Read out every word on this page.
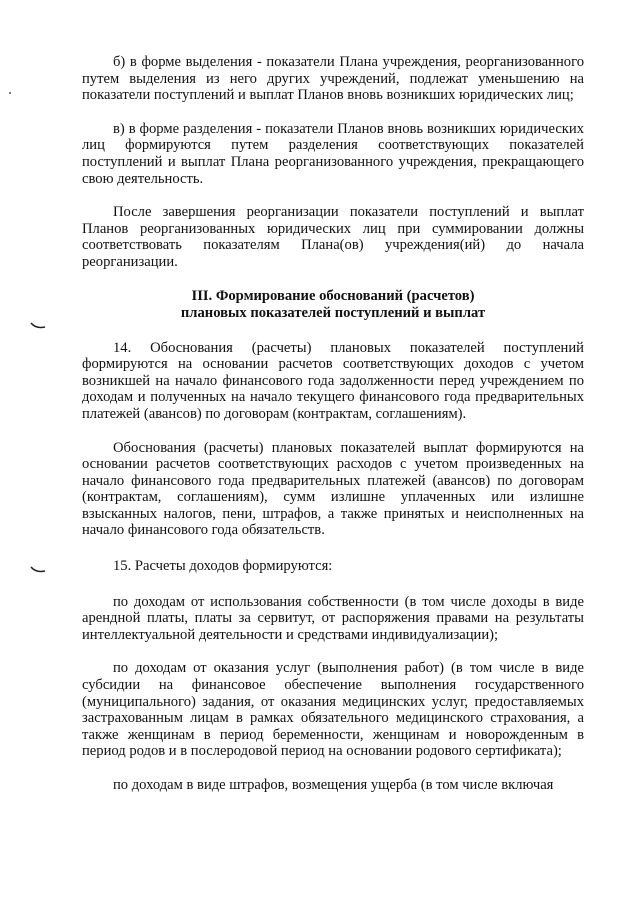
б) в форме выделения - показатели Плана учреждения, реорганизованного путем выделения из него других учреждений, подлежат уменьшению на показатели поступлений и выплат Планов вновь возникших юридических лиц;

в) в форме разделения - показатели Планов вновь возникших юридических лиц формируются путем разделения соответствующих показателей поступлений и выплат Плана реорганизованного учреждения, прекращающего свою деятельность.

После завершения реорганизации показатели поступлений и выплат Планов реорганизованных юридических лиц при суммировании должны соответствовать показателям Плана(ов) учреждения(ий) до начала реорганизации.

III. Формирование обоснований (расчетов)
плановых показателей поступлений и выплат

14. Обоснования (расчеты) плановых показателей поступлений формируются на основании расчетов соответствующих доходов с учетом возникшей на начало финансового года задолженности перед учреждением по доходам и полученных на начало текущего финансового года предварительных платежей (авансов) по договорам (контрактам, соглашениям).

Обоснования (расчеты) плановых показателей выплат формируются на основании расчетов соответствующих расходов с учетом произведенных на начало финансового года предварительных платежей (авансов) по договорам (контрактам, соглашениям), сумм излишне уплаченных или излишне взысканных налогов, пени, штрафов, а также принятых и неисполненных на начало финансового года обязательств.

15. Расчеты доходов формируются:

по доходам от использования собственности (в том числе доходы в виде арендной платы, платы за сервитут, от распоряжения правами на результаты интеллектуальной деятельности и средствами индивидуализации);

по доходам от оказания услуг (выполнения работ) (в том числе в виде субсидии на финансовое обеспечение выполнения государственного (муниципального) задания, от оказания медицинских услуг, предоставляемых застрахованным лицам в рамках обязательного медицинского страхования, а также женщинам в период беременности, женщинам и новорожденным в период родов и в послеродовой период на основании родового сертификата);

по доходам в виде штрафов, возмещения ущерба (в том числе включая
